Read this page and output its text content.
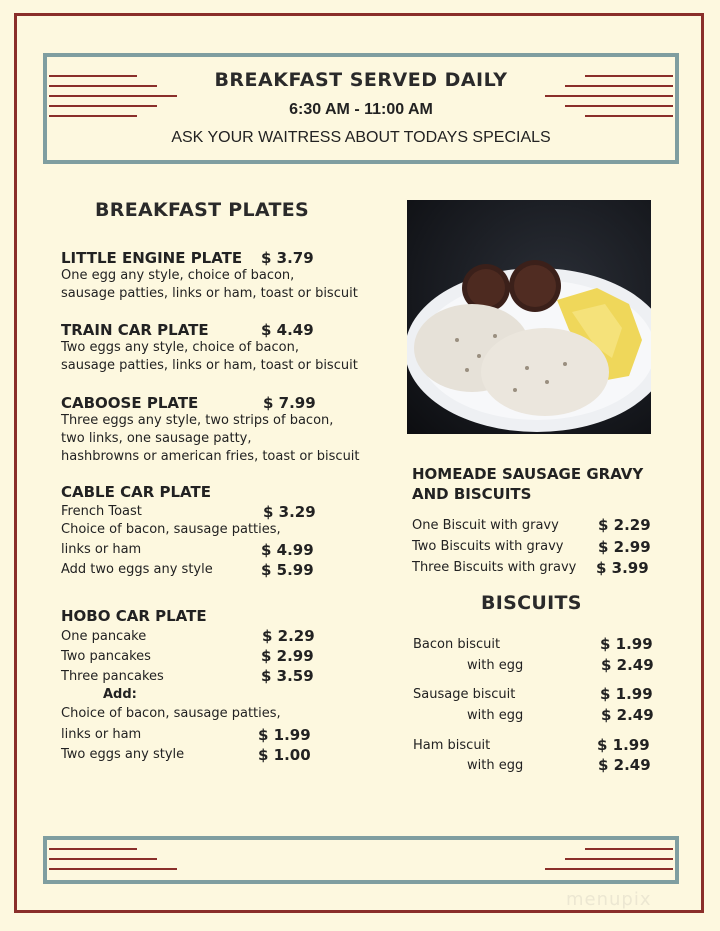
BREAKFAST SERVED DAILY
6:30 AM - 11:00 AM
ASK YOUR WAITRESS ABOUT TODAYS SPECIALS
BREAKFAST PLATES
LITTLE ENGINE PLATE $ 3.79
One egg any style, choice of bacon,
sausage patties, links or ham, toast or biscuit
TRAIN CAR PLATE	$ 4.49
Two eggs any style, choice of bacon,
sausage patties, links or ham, toast or biscuit
CABOOSE PLATE	$ 7.99
Three eggs any style, two strips of bacon,
two links, one sausage patty,
hashbrowns or american fries, toast or biscuit
CABLE CAR PLATE
French Toast	$ 3.29
Choice of bacon, sausage patties,
links or ham	$ 4.99
Add two eggs any style	$ 5.99
HOBO CAR PLATE
One pancake	$ 2.29
Two pancakes	$ 2.99
Three pancakes	$ 3.59
Add:
Choice of bacon, sausage patties,
links or ham	$ 1.99
Two eggs any style	$ 1.00
HOMEADE SAUSAGE GRAVY
AND BISCUITS
One Biscuit with gravy	$ 2.29
Two Biscuits with gravy $ 2.99
Three Biscuits with gravy $ 3.99
BISCUITS
Bacon biscuit	$ 1.99
with egg	$ 2.49
Sausage biscuit	$ 1.99
with egg	$ 2.49
Ham biscuit	$ 1.99
with egg	$ 2.49
menupix
